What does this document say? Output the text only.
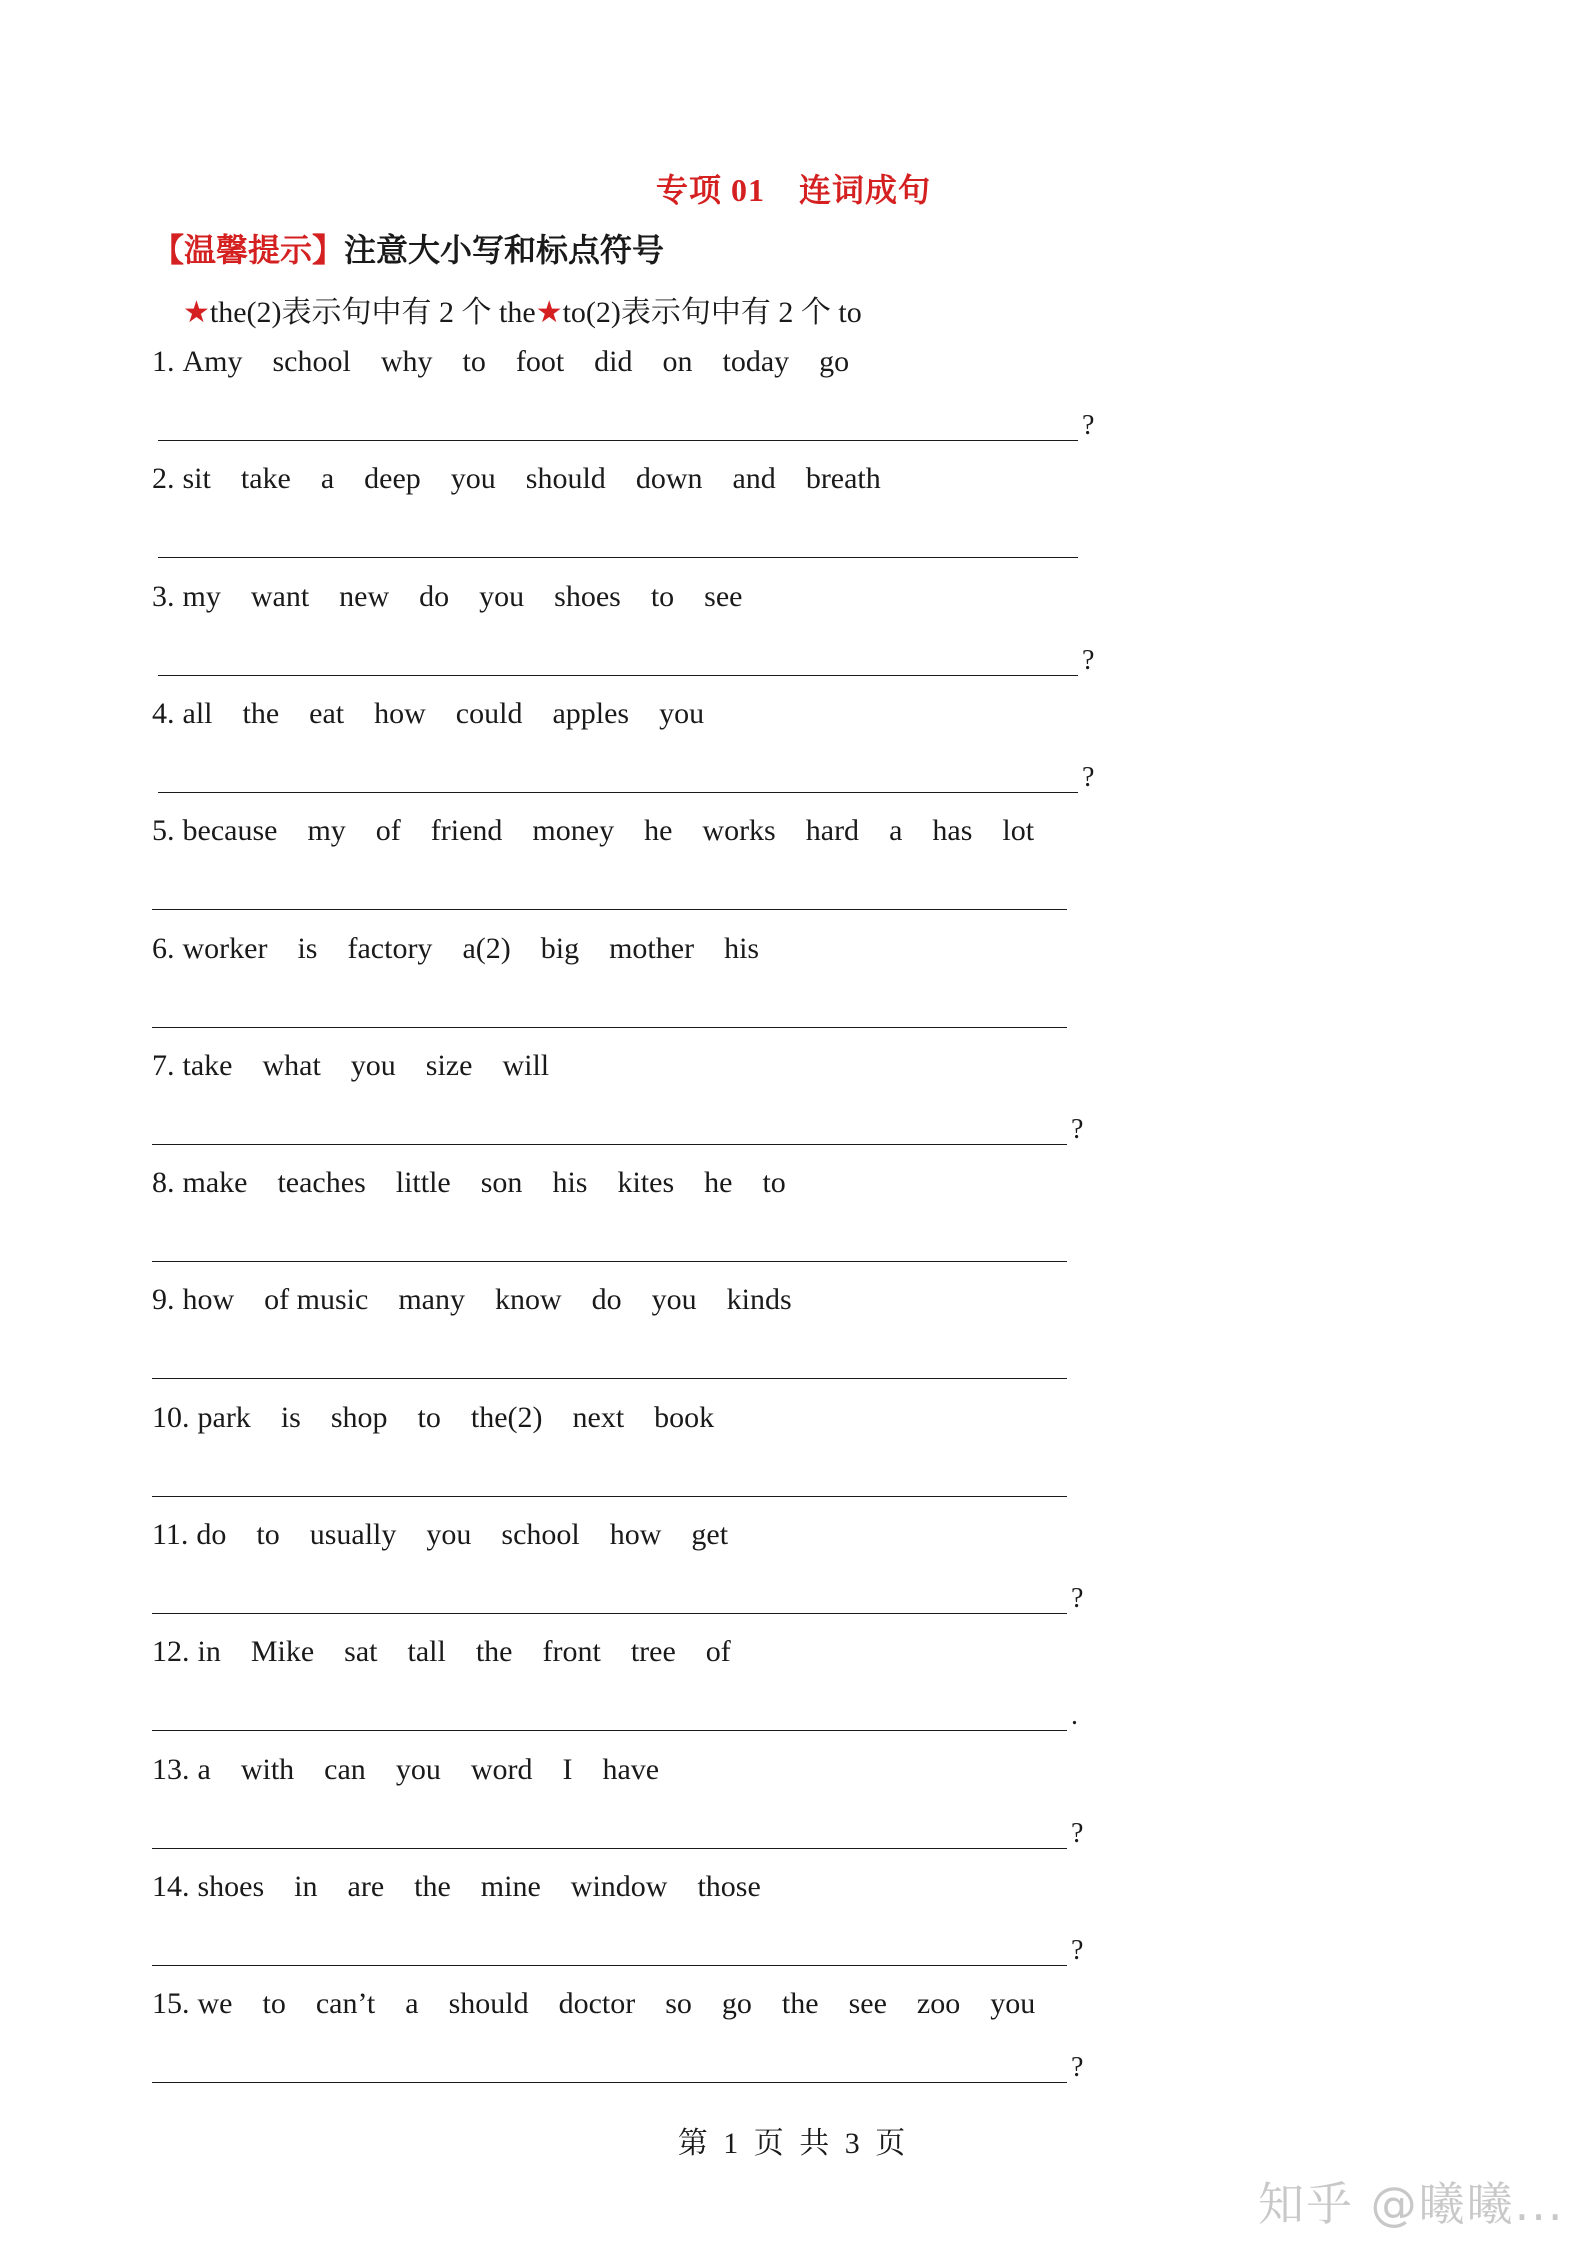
专项 01 连词成句
【温馨提示】注意大小写和标点符号
★the(2)表示句中有 2 个 the★to(2)表示句中有 2 个 to
1. Amy school why to foot did on today go
?
2. sit take a deep you should down and breath
3. my want new do you shoes to see
?
4. all the eat how could apples you
?
5. because my of friend money he works hard a has lot
6. worker is factory a(2) big mother his
7. take what you size will
?
8. make teaches little son his kites he to
9. how of music many know do you kinds
10. park is shop to the(2) next book
11. do to usually you school how get
?
12. in Mike sat tall the front tree of
.
13. a with can you word I have
?
14. shoes in are the mine window those
?
15. we to can’t a should doctor so go the see zoo you
?
第 1 页 共 3 页
知乎 @曦曦...
